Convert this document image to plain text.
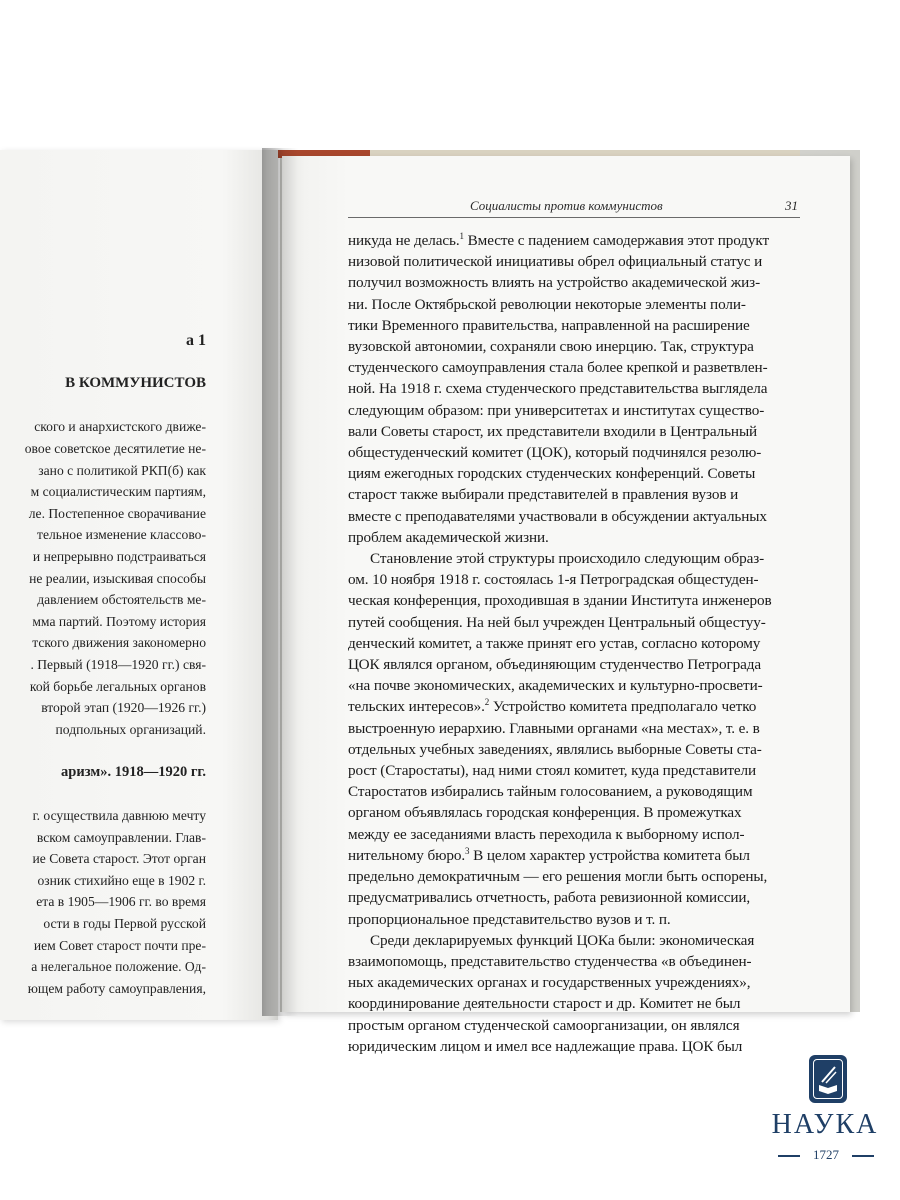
а 1
В КОММУНИСТОВ
ского и анархистского движе-
овое советское десятилетие не-
зано с политикой РКП(б) как
м социалистическим партиям,
ле. Постепенное сворачивание
тельное изменение классово-
и непрерывно подстраиваться
не реалии, изыскивая способы
давлением обстоятельств ме-
мма партий. Поэтому история
тского движения закономерно
. Первый (1918—1920 гг.) свя-
кой борьбе легальных органов
второй этап (1920—1926 гг.)
подпольных организаций.
аризм». 1918—1920 гг.
г. осуществила давнюю мечту
вском самоуправлении. Глав-
ие Совета старост. Этот орган
озник стихийно еще в 1902 г.
ета в 1905—1906 гг. во время
ости в годы Первой русской
ием Совет старост почти пре-
а нелегальное положение. Од-
ющем работу самоуправления,
Социалисты против коммунистов	31

никуда не делась.$^1$ Вместе с падением самодержавия этот продукт
низовой политической инициативы обрел официальный статус и
получил возможность влиять на устройство академической жиз-
ни. После Октябрьской революции некоторые элементы поли-
тики Временного правительства, направленной на расширение
вузовской автономии, сохраняли свою инерцию. Так, структура
студенческого самоуправления стала более крепкой и разветвлен-
ной. На 1918 г. схема студенческого представительства выглядела
следующим образом: при университетах и институтах существо-
вали Советы старост, их представители входили в Центральный
общестуденческий комитет (ЦОК), который подчинялся резолю-
циям ежегодных городских студенческих конференций. Советы
старост также выбирали представителей в правления вузов и
вместе с преподавателями участвовали в обсуждении актуальных
проблем академической жизни.

Становление этой структуры происходило следующим образ-
ом. 10 ноября 1918 г. состоялась 1-я Петроградская общестуден-
ческая конференция, проходившая в здании Института инженеров
путей сообщения. На ней был учрежден Центральный общестуу-
денческий комитет, а также принят его устав, согласно которому
ЦОК являлся органом, объединяющим студенчество Петрограда
«на почве экономических, академических и культурно-просвети-
тельских интересов».$^2$ Устройство комитета предполагало четко
выстроенную иерархию. Главными органами «на местах», т. е. в
отдельных учебных заведениях, являлись выборные Советы ста-
рост (Старостаты), над ними стоял комитет, куда представители
Старостатов избирались тайным голосованием, а руководящим
органом объявлялась городская конференция. В промежутках
между ее заседаниями власть переходила к выборному испол-
нительному бюро.$^3$ В целом характер устройства комитета был
предельно демократичным — его решения могли быть оспорены,
предусматривались отчетность, работа ревизионной комиссии,
пропорциональное представительство вузов и т. п.

Среди декларируемых функций ЦОКа были: экономическая
взаимопомощь, представительство студенчества «в объединен-
ных академических органах и государственных учреждениях»,
координирование деятельности старост и др. Комитет не был
простым органом студенческой самоорганизации, он являлся
юридическим лицом и имел все надлежащие права. ЦОК был

НАУКА
1727
